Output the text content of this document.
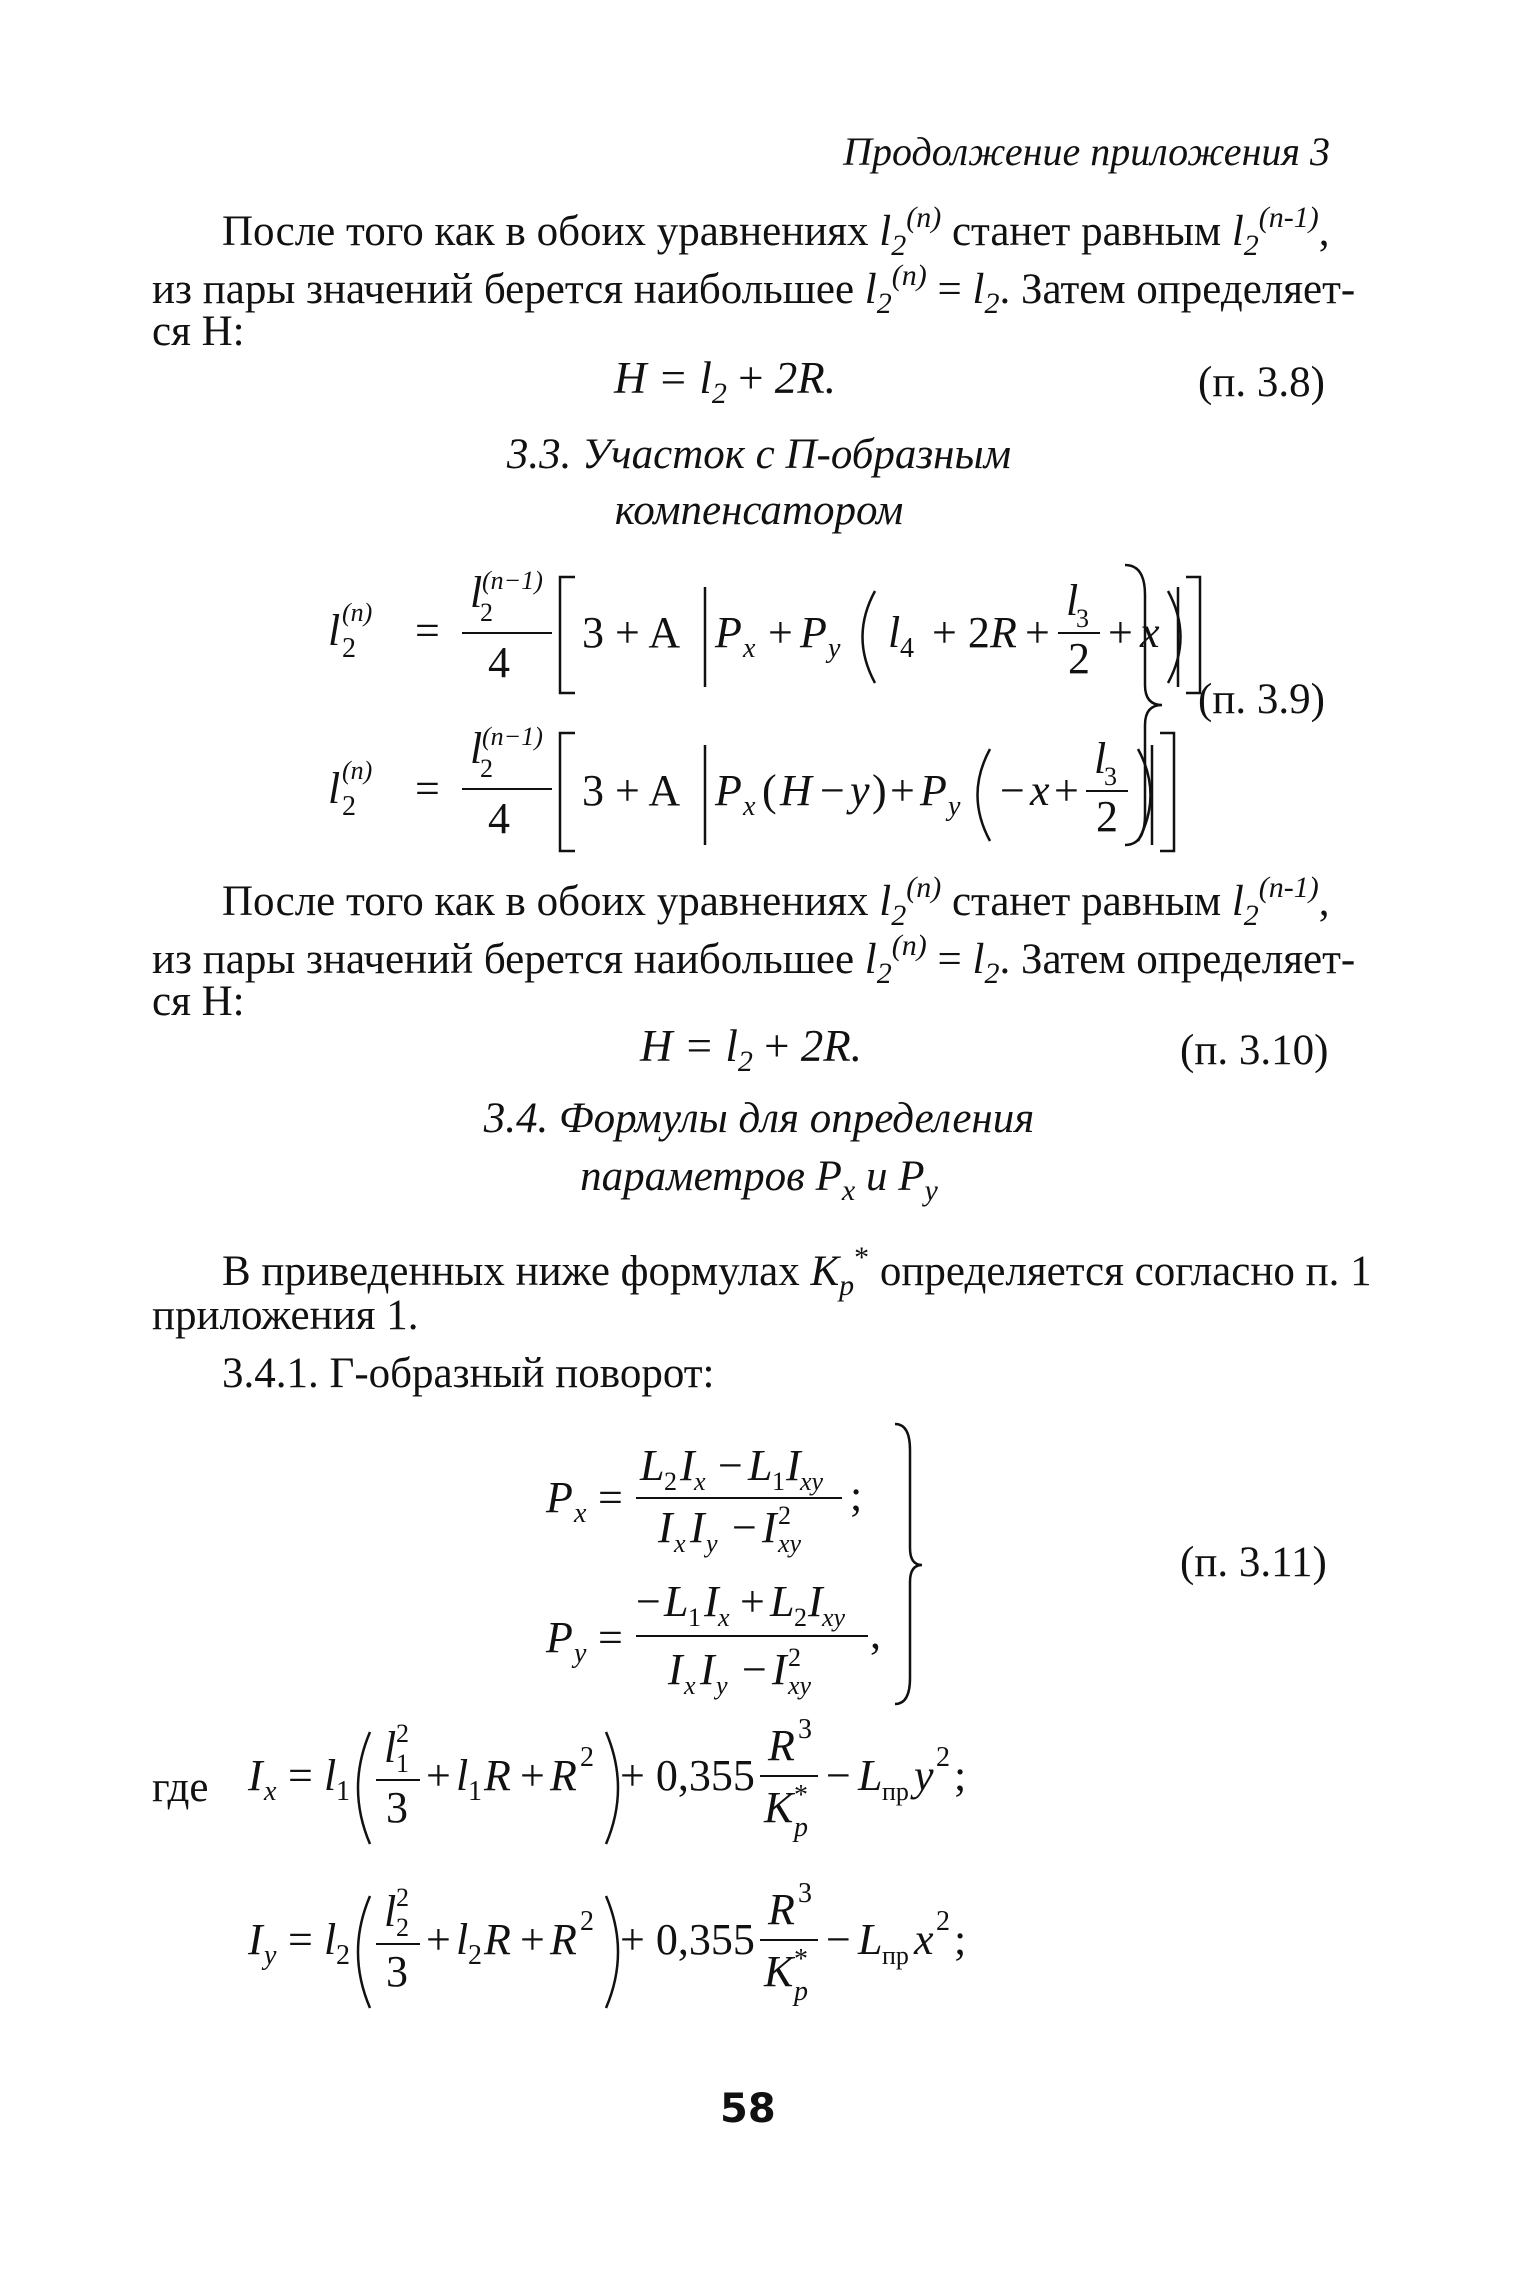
Продолжение приложения 3
После того как в обоих уравнениях $l_2^{(n)}$ станет равным $l_2^{(n-1)}$,
из пары значений берется наибольшее $l_2^{(n)} = l_2$. Затем определяет-
ся H:
$H = l_2 + 2R$.	(п. 3.8)
3.3. Участок с П-образным
компенсатором
l 2
(n) =
l
2
(n−1)
4
3 + A P x + P y l 4 + 2 R +
l
3
2
+ x
l 2
(n) =
l
2
(n−1)
4
3 + A P x ( H − y ) + P y − x +
l
3
2
(п. 3.9)
После того как в обоих уравнениях $l_2^{(n)}$ станет равным $l_2^{(n-1)}$,
из пары значений берется наибольшее $l_2^{(n)} = l_2$. Затем определяет-
ся H:
$H = l_2 + 2R$.	(п. 3.10)
3.4. Формулы для определения
параметров $P_x$ и $P_y$
В приведенных ниже формулах $K_p^*$ определяется согласно п. 1
приложения 1.
3.4.1. Г-образный поворот:
P x =
L 2 I x − L 1 I xy ;
I x I y − I xy
2
P y =
− L 1 I x + L 2 I xy ,
I x I y − I xy
2
(п. 3.11)
где I x = l 1
l 1
2
3
+ l 1 R + R 2 + 0,355
R 3
K p
* − L пр y 2 ;
I y = l 2
l 2
2
3
+ l 2 R + R 2 + 0,355
R 3
K p
* − L пр x 2 ;
58
